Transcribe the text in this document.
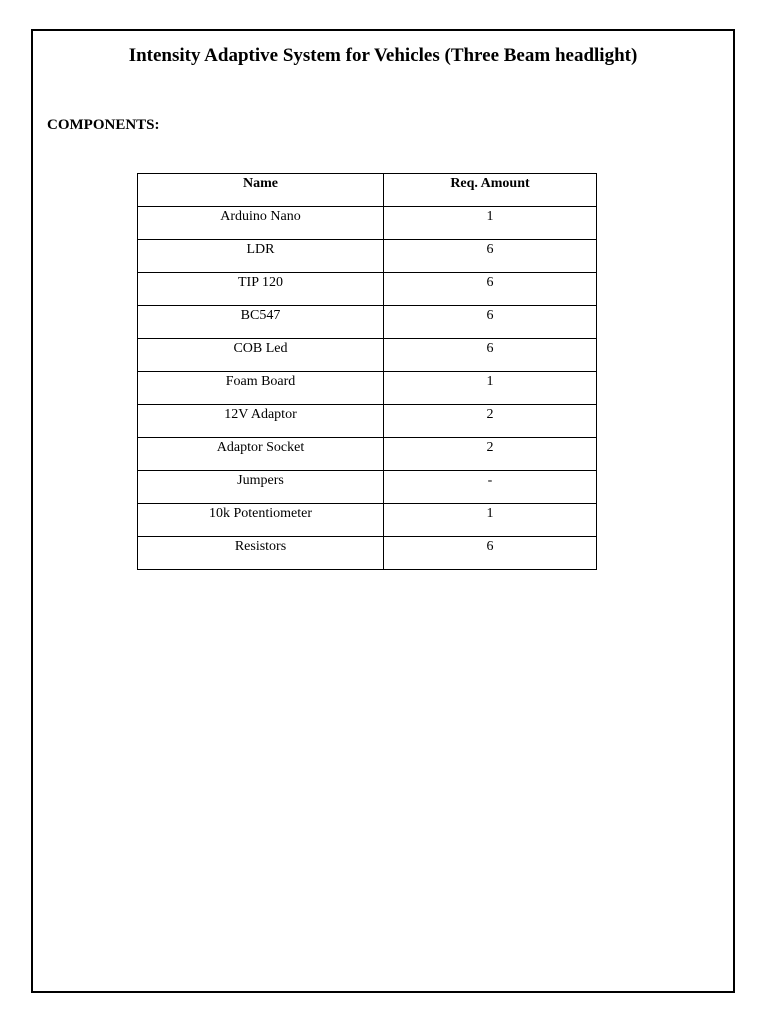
Intensity Adaptive System for Vehicles (Three Beam headlight)
COMPONENTS:
Name	Req. Amount
Arduino Nano	1
LDR	6
TIP 120	6
BC547	6
COB Led	6
Foam Board	1
12V Adaptor	2
Adaptor Socket	2
Jumpers	-
10k Potentiometer	1
Resistors	6
